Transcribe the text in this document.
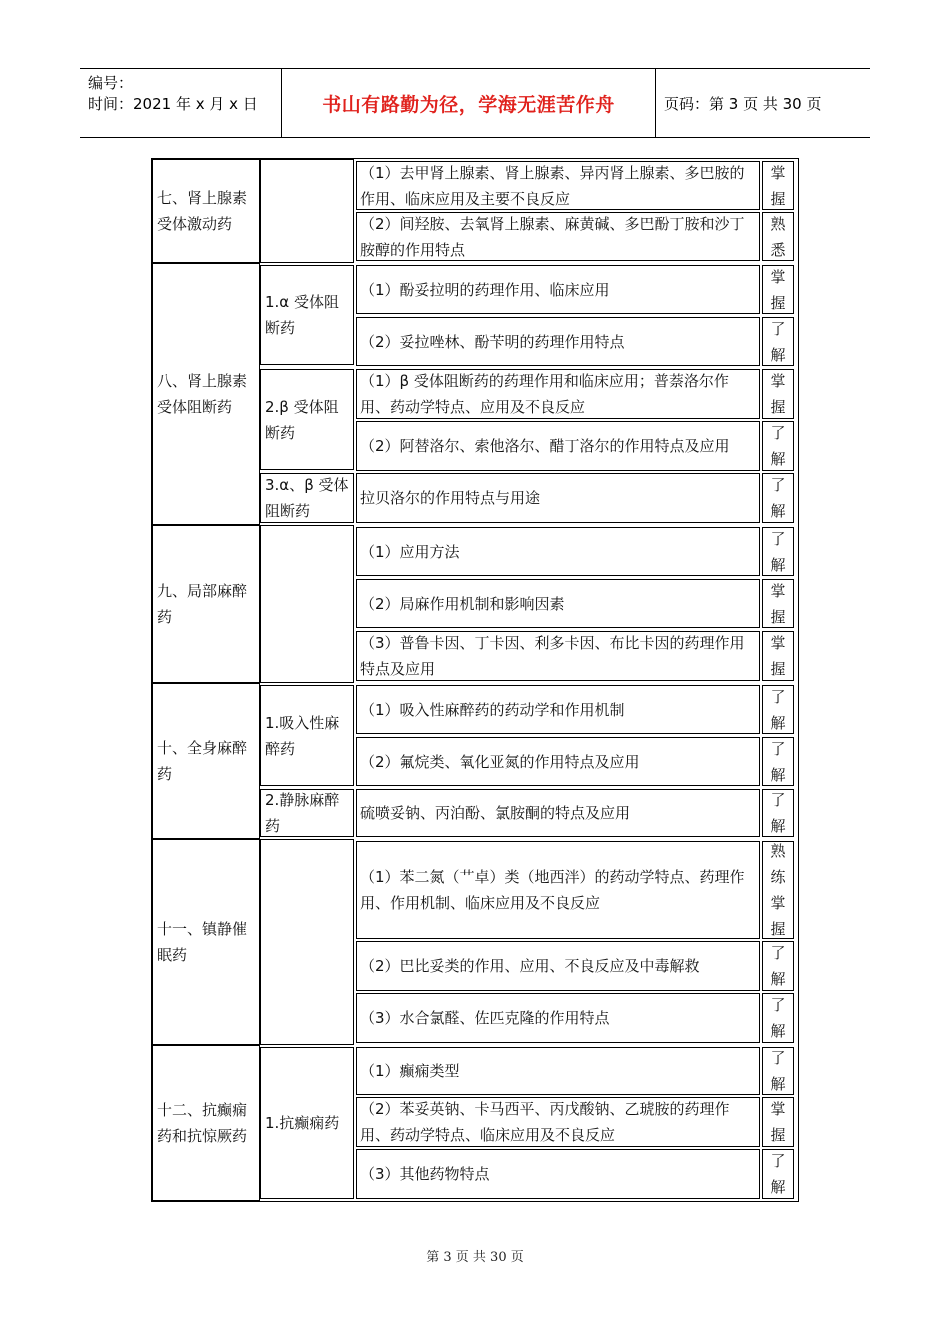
编号：
时间：2021 年 x 月 x 日	书山有路勤为径，学海无涯苦作舟	页码：第 3 页 共 30 页
七、肾上腺素受体激动药
（1）去甲肾上腺素、肾上腺素、异丙肾上腺素、多巴胺的作用、临床应用及主要不良反应
掌握
（2）间羟胺、去氧肾上腺素、麻黄碱、多巴酚丁胺和沙丁胺醇的作用特点
熟悉
八、肾上腺素受体阻断药
1.α 受体阻断药
2.β 受体阻断药
3.α、β 受体阻断药
（1）酚妥拉明的药理作用、临床应用
掌握
（2）妥拉唑林、酚苄明的药理作用特点
了解
（1）β 受体阻断药的药理作用和临床应用；普萘洛尔作用、药动学特点、应用及不良反应
掌握
（2）阿替洛尔、索他洛尔、醋丁洛尔的作用特点及应用
了解
拉贝洛尔的作用特点与用途
了解
九、局部麻醉药
（1）应用方法
了解
（2）局麻作用机制和影响因素
掌握
（3）普鲁卡因、丁卡因、利多卡因、布比卡因的药理作用特点及应用
掌握
十、全身麻醉药
1.吸入性麻醉药
2.静脉麻醉药
（1）吸入性麻醉药的药动学和作用机制
了解
（2）氟烷类、氧化亚氮的作用特点及应用
了解
硫喷妥钠、丙泊酚、氯胺酮的特点及应用
了解
十一、镇静催眠药
（1）苯二氮（艹卓）类（地西泮）的药动学特点、药理作用、作用机制、临床应用及不良反应
熟练掌握
（2）巴比妥类的作用、应用、不良反应及中毒解救
了解
（3）水合氯醛、佐匹克隆的作用特点
了解
十二、抗癫痫药和抗惊厥药
1.抗癫痫药
（1）癫痫类型
了解
（2）苯妥英钠、卡马西平、丙戊酸钠、乙琥胺的药理作用、药动学特点、临床应用及不良反应
掌握
（3）其他药物特点
了解
第 3 页 共 30 页
